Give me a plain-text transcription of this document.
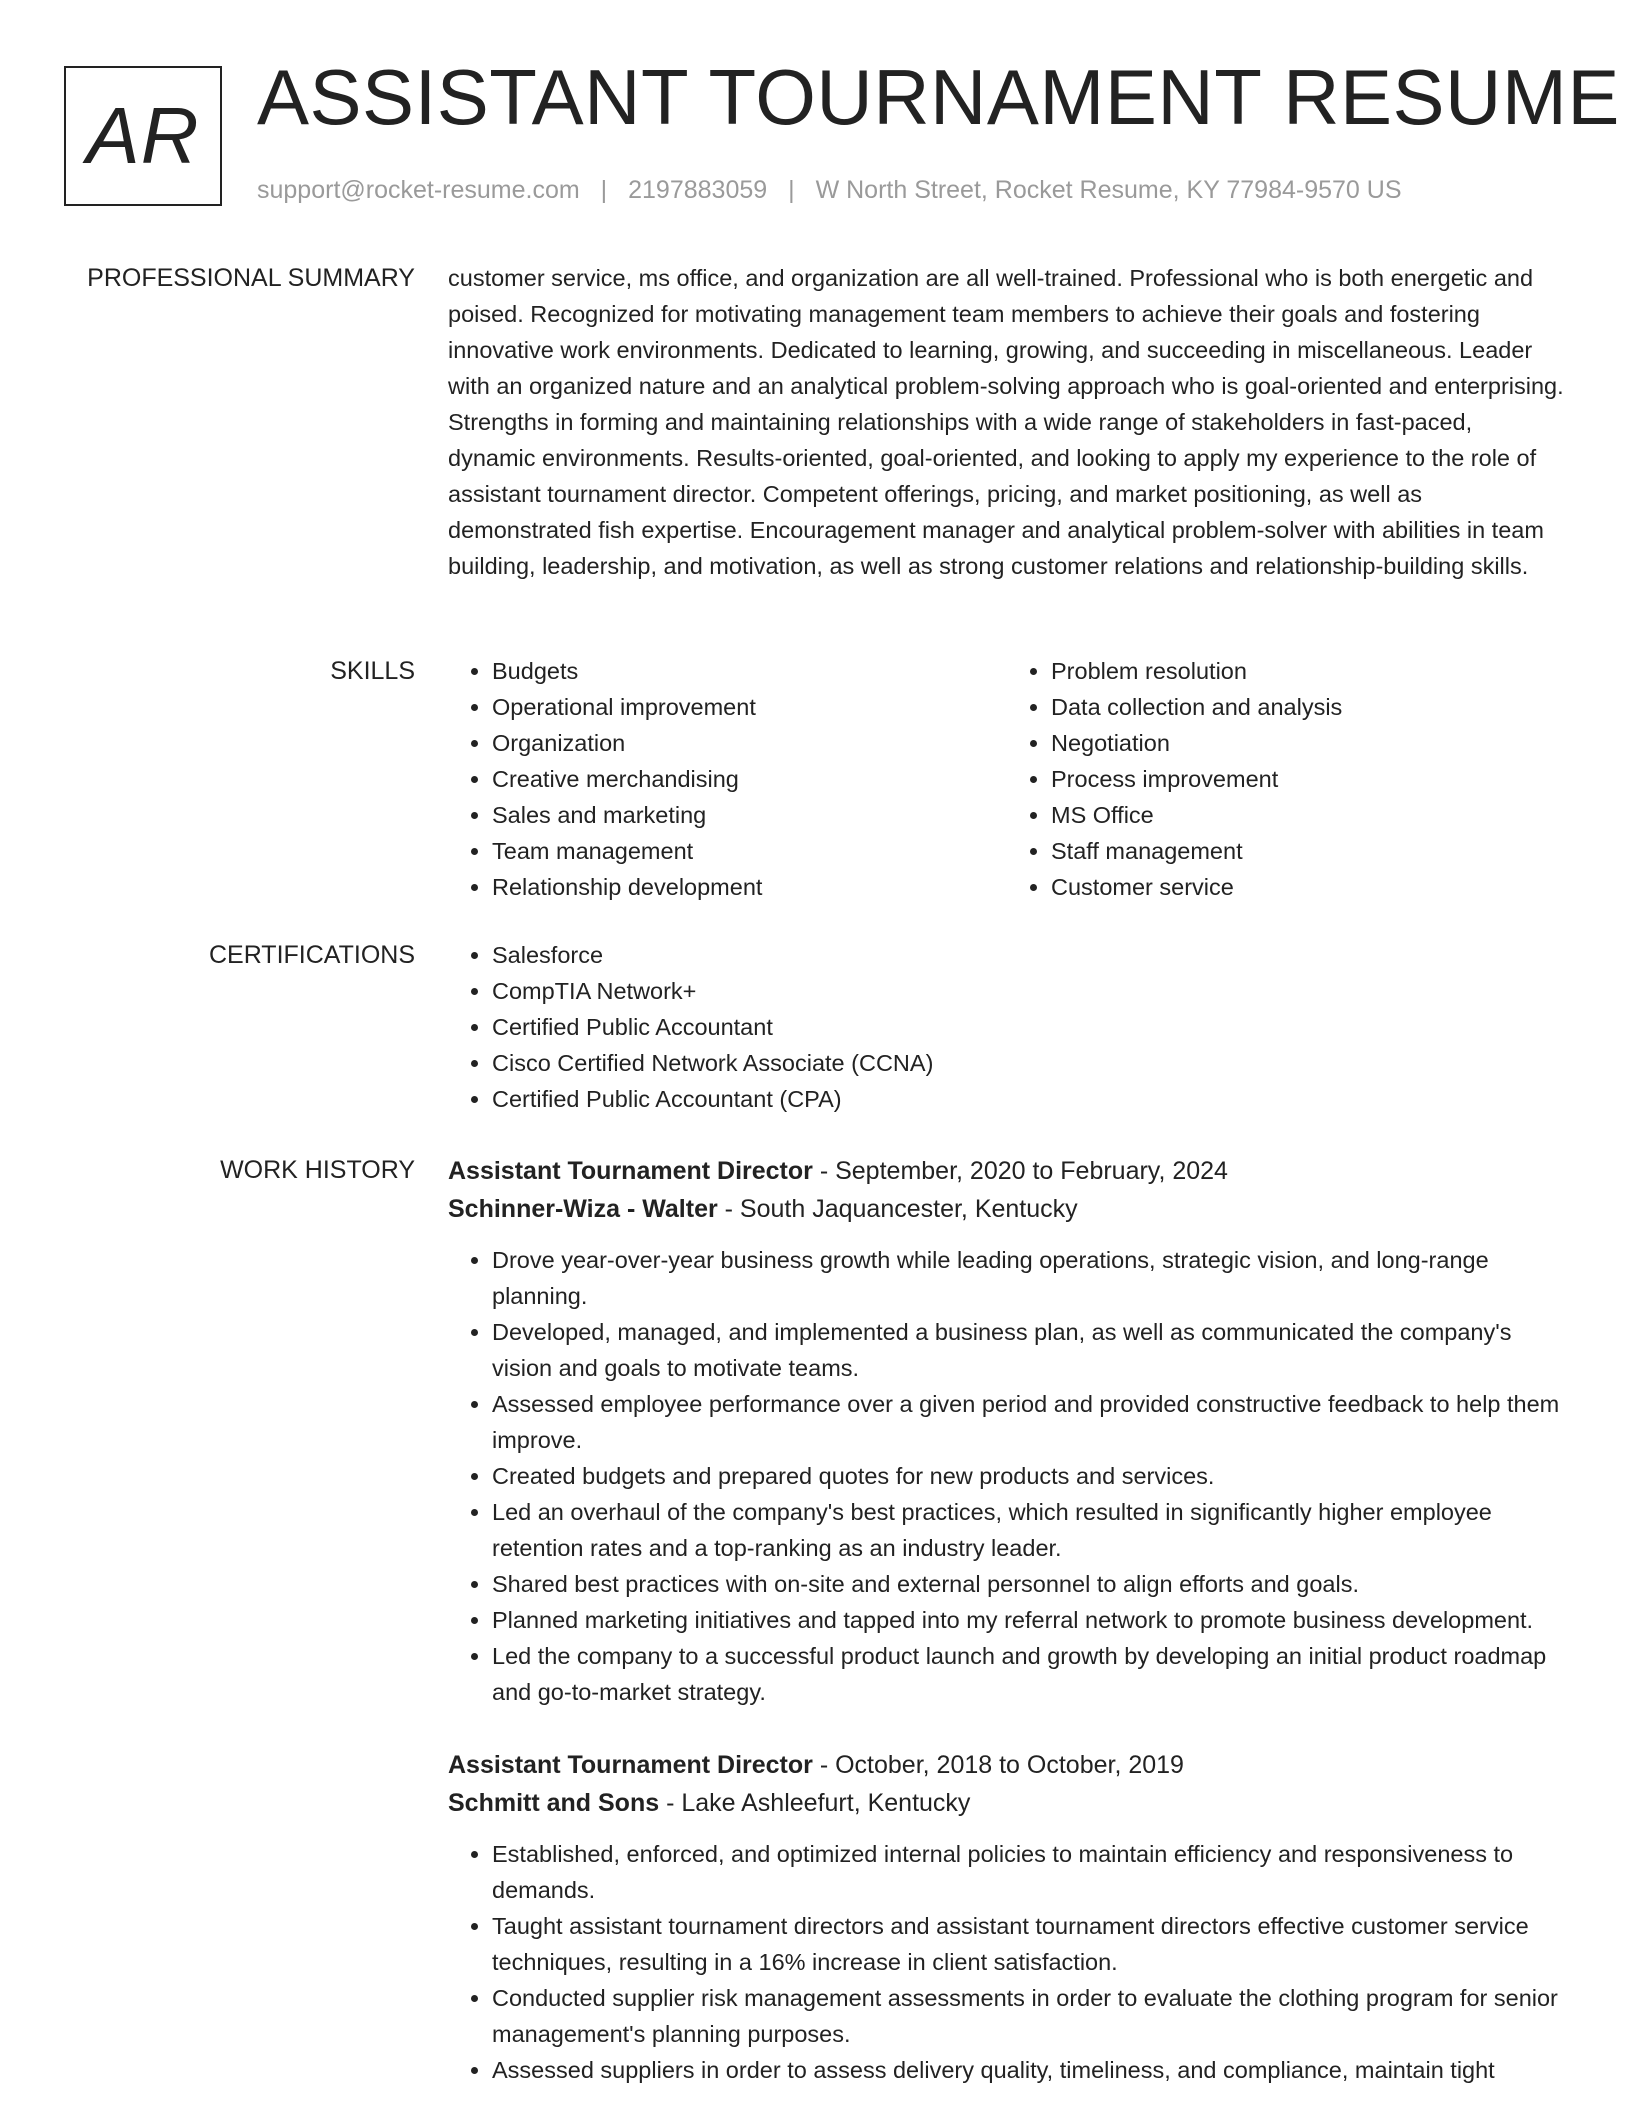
AR ASSISTANT TOURNAMENT RESUME
support@rocket-resume.com | 2197883059 | W North Street, Rocket Resume, KY 77984-9570 US
PROFESSIONAL SUMMARY customer service, ms office, and organization are all well-trained. Professional who is both energetic and poised. Recognized for motivating management team members to achieve their goals and fostering innovative work environments. Dedicated to learning, growing, and succeeding in miscellaneous. Leader with an organized nature and an analytical problem-solving approach who is goal-oriented and enterprising. Strengths in forming and maintaining relationships with a wide range of stakeholders in fast-paced, dynamic environments. Results-oriented, goal-oriented, and looking to apply my experience to the role of assistant tournament director. Competent offerings, pricing, and market positioning, as well as demonstrated fish expertise. Encouragement manager and analytical problem-solver with abilities in team building, leadership, and motivation, as well as strong customer relations and relationship-building skills.

SKILLS	• Budgets
• Operational improvement
• Organization
• Creative merchandising
• Sales and marketing
• Team management
• Relationship development
• Problem resolution
• Data collection and analysis
• Negotiation
• Process improvement
• MS Office
• Staff management
• Customer service
CERTIFICATIONS	• Salesforce
• CompTIA Network+
• Certified Public Accountant
• Cisco Certified Network Associate (CCNA)
• Certified Public Accountant (CPA)
WORK HISTORY Assistant Tournament Director - September, 2020 to February, 2024
Schinner-Wiza - Walter - South Jaquancester, Kentucky
• Drove year-over-year business growth while leading operations, strategic vision, and long-range planning.
• Developed, managed, and implemented a business plan, as well as communicated the company's vision and goals to motivate teams.
• Assessed employee performance over a given period and provided constructive feedback to help them improve.
• Created budgets and prepared quotes for new products and services.
• Led an overhaul of the company's best practices, which resulted in significantly higher employee retention rates and a top-ranking as an industry leader.
• Shared best practices with on-site and external personnel to align efforts and goals.
• Planned marketing initiatives and tapped into my referral network to promote business development.
• Led the company to a successful product launch and growth by developing an initial product roadmap and go-to-market strategy.
Assistant Tournament Director - October, 2018 to October, 2019
Schmitt and Sons - Lake Ashleefurt, Kentucky
• Established, enforced, and optimized internal policies to maintain efficiency and responsiveness to demands.
• Taught assistant tournament directors and assistant tournament directors effective customer service techniques, resulting in a 16% increase in client satisfaction.
• Conducted supplier risk management assessments in order to evaluate the clothing program for senior management's planning purposes.
• Assessed suppliers in order to assess delivery quality, timeliness, and compliance, maintain tight
